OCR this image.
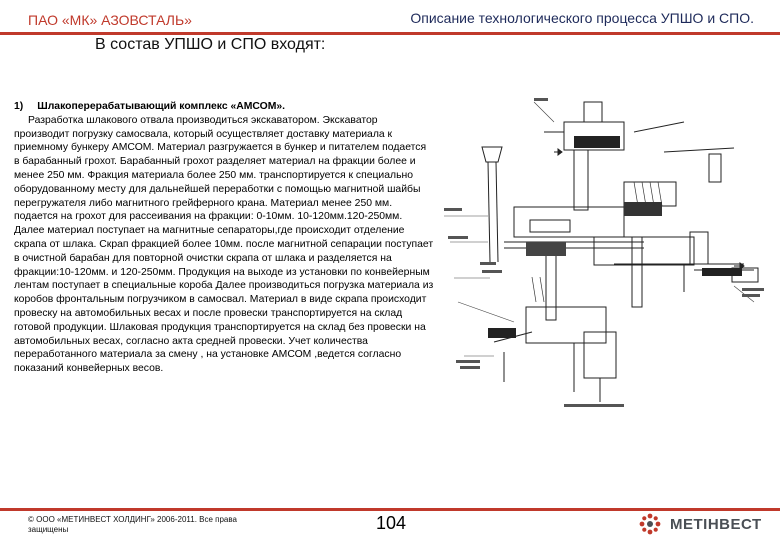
ПАО «МК» АЗОВСТАЛЬ»	Описание технологического процесса УПШО и СПО.
В состав УПШО и СПО входят:
1) Шлакоперерабатывающий комплекс «АМСОМ».
Разработка шлакового отвала производиться экскаватором. Экскаватор производит погрузку самосвала, который осуществляет доставку материала к приемному бункеру АМСОМ. Материал разгружается в бункер и питателем подается в барабанный грохот. Барабанный грохот разделяет материал на фракции более и менее 250 мм. Фракция материала более 250 мм. транспортируется к специально оборудованному месту для дальнейшей переработки с помощью магнитной шайбы перегружателя либо магнитного грейферного крана. Материал менее 250 мм. подается на грохот для рассеивания на фракции: 0-10мм. 10-120мм.120-250мм. Далее материал поступает на магнитные сепараторы,где происходит отделение скрапа от шлака. Скрап фракцией более 10мм. после магнитной сепарации поступает в очистной барабан для повторной очистки скрапа от шлака и разделяется на фракции:10-120мм. и 120-250мм. Продукция на выходе из установки по конвейерным лентам поступает в специальные короба Далее производиться погрузка материала из коробов фронтальным погрузчиком в самосвал. Материал в виде скрапа происходит провеску на автомобильных весах и после провески транспортируется на склад готовой продукции. Шлаковая продукция транспортируется на склад без провески на автомобильных весах, согласно акта средней провески. Учет количества переработанного материала за смену , на установке АМСОМ ,ведется согласно показаний конвейерных весов.
© ООО «МЕТИНВЕСТ ХОЛДИНГ» 2006-2011. Все права защищены	104	МЕТІНВЕСТ
